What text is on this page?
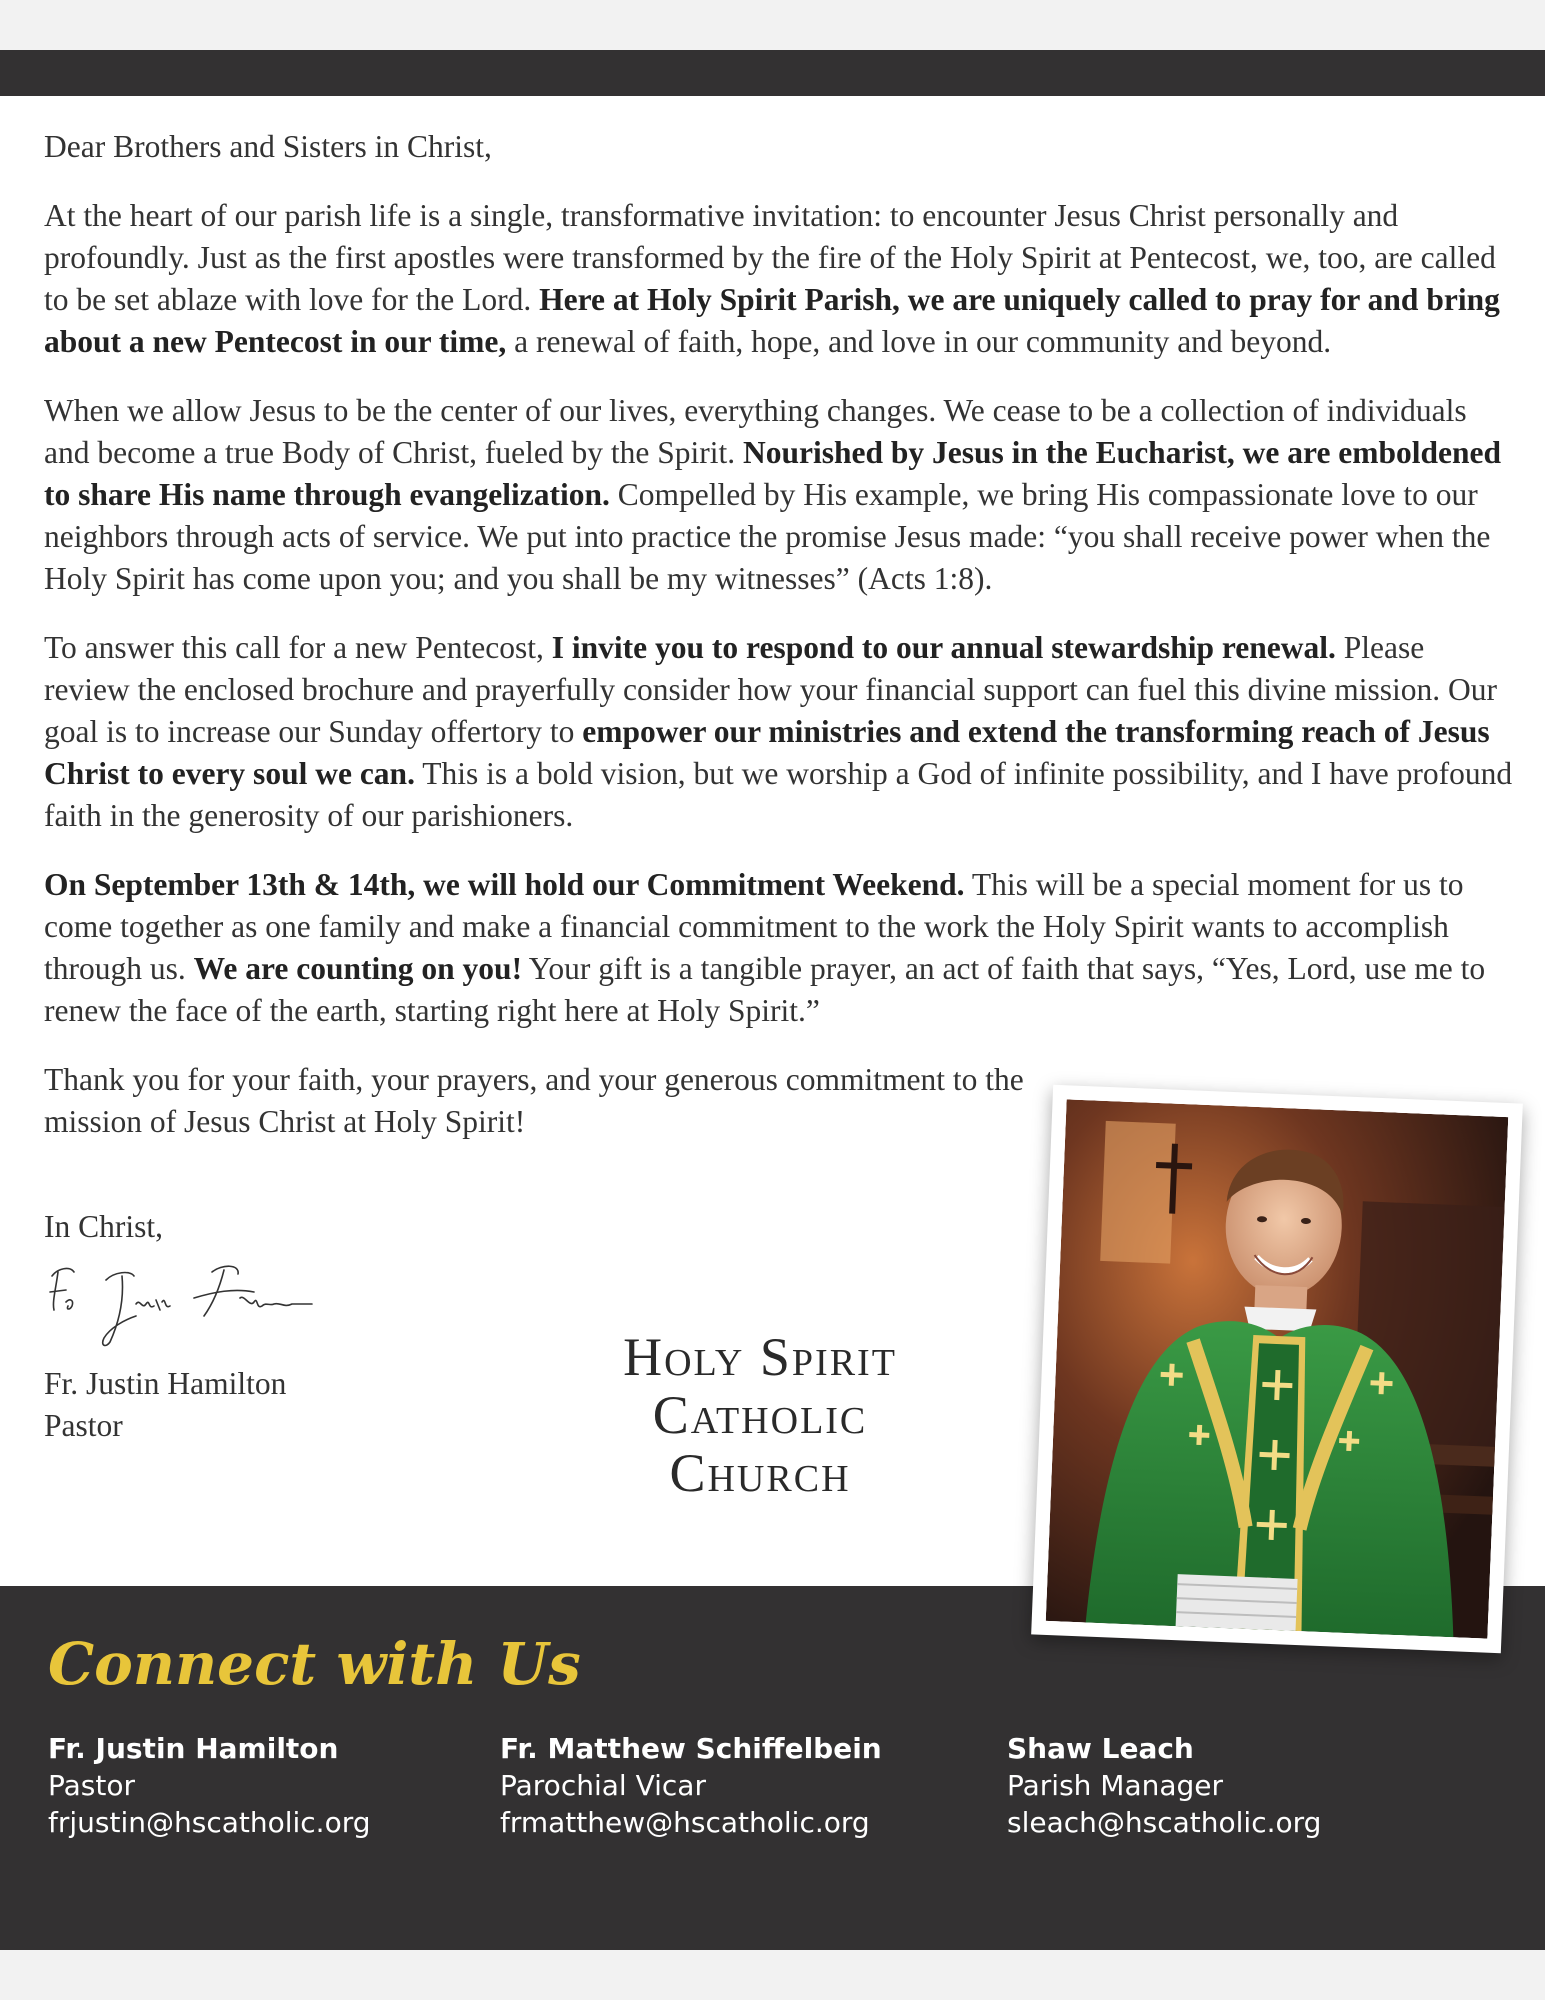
Dear Brothers and Sisters in Christ,

At the heart of our parish life is a single, transformative invitation: to encounter Jesus Christ personally and profoundly. Just as the first apostles were transformed by the fire of the Holy Spirit at Pentecost, we, too, are called to be set ablaze with love for the Lord. Here at Holy Spirit Parish, we are uniquely called to pray for and bring about a new Pentecost in our time, a renewal of faith, hope, and love in our community and beyond.

When we allow Jesus to be the center of our lives, everything changes. We cease to be a collection of individuals and become a true Body of Christ, fueled by the Spirit. Nourished by Jesus in the Eucharist, we are emboldened to share His name through evangelization. Compelled by His example, we bring His compassionate love to our neighbors through acts of service. We put into practice the promise Jesus made: “you shall receive power when the Holy Spirit has come upon you; and you shall be my witnesses” (Acts 1:8).

To answer this call for a new Pentecost, I invite you to respond to our annual stewardship renewal. Please review the enclosed brochure and prayerfully consider how your financial support can fuel this divine mission. Our goal is to increase our Sunday offertory to empower our ministries and extend the transforming reach of Jesus Christ to every soul we can. This is a bold vision, but we worship a God of infinite possibility, and I have profound faith in the generosity of our parishioners.

On September 13th & 14th, we will hold our Commitment Weekend. This will be a special moment for us to come together as one family and make a financial commitment to the work the Holy Spirit wants to accomplish through us. We are counting on you! Your gift is a tangible prayer, an act of faith that says, “Yes, Lord, use me to renew the face of the earth, starting right here at Holy Spirit.”

Thank you for your faith, your prayers, and your generous commitment to the mission of Jesus Christ at Holy Spirit!

Holy Spirit
Catholic
Church
In Christ,
Fr. Justin Hamilton
Pastor
Connect with Us
Fr. Justin Hamilton
Pastor
frjustin@hscatholic.org
Fr. Matthew Schiffelbein
Parochial Vicar
frmatthew@hscatholic.org
Shaw Leach
Parish Manager
sleach@hscatholic.org
